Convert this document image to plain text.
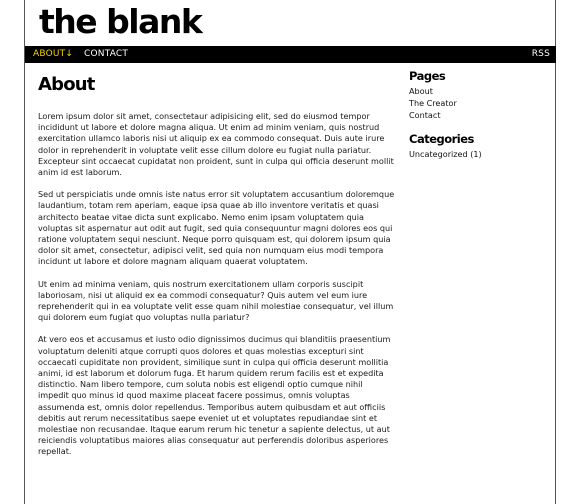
the blank
ABOUT↓ CONTACT	RSS
About

Lorem ipsum dolor sit amet, consectetaur adipisicing elit, sed do eiusmod tempor incididunt ut labore et dolore magna aliqua. Ut enim ad minim veniam, quis nostrud exercitation ullamco laboris nisi ut aliquip ex ea commodo consequat. Duis aute irure dolor in reprehenderit in voluptate velit esse cillum dolore eu fugiat nulla pariatur. Excepteur sint occaecat cupidatat non proident, sunt in culpa qui officia deserunt mollit anim id est laborum.

Sed ut perspiciatis unde omnis iste natus error sit voluptatem accusantium doloremque laudantium, totam rem aperiam, eaque ipsa quae ab illo inventore veritatis et quasi architecto beatae vitae dicta sunt explicabo. Nemo enim ipsam voluptatem quia voluptas sit aspernatur aut odit aut fugit, sed quia consequuntur magni dolores eos qui ratione voluptatem sequi nesciunt. Neque porro quisquam est, qui dolorem ipsum quia dolor sit amet, consectetur, adipisci velit, sed quia non numquam eius modi tempora incidunt ut labore et dolore magnam aliquam quaerat voluptatem.

Ut enim ad minima veniam, quis nostrum exercitationem ullam corporis suscipit laboriosam, nisi ut aliquid ex ea commodi consequatur? Quis autem vel eum iure reprehenderit qui in ea voluptate velit esse quam nihil molestiae consequatur, vel illum qui dolorem eum fugiat quo voluptas nulla pariatur?

At vero eos et accusamus et iusto odio dignissimos ducimus qui blanditiis praesentium voluptatum deleniti atque corrupti quos dolores et quas molestias excepturi sint occaecati cupiditate non provident, similique sunt in culpa qui officia deserunt mollitia animi, id est laborum et dolorum fuga. Et harum quidem rerum facilis est et expedita distinctio. Nam libero tempore, cum soluta nobis est eligendi optio cumque nihil impedit quo minus id quod maxime placeat facere possimus, omnis voluptas assumenda est, omnis dolor repellendus. Temporibus autem quibusdam et aut officiis debitis aut rerum necessitatibus saepe eveniet ut et voluptates repudiandae sint et molestiae non recusandae. Itaque earum rerum hic tenetur a sapiente delectus, ut aut reiciendis voluptatibus maiores alias consequatur aut perferendis doloribus asperiores repellat.

Pages
About
The Creator
Contact
Categories
Uncategorized (1)
